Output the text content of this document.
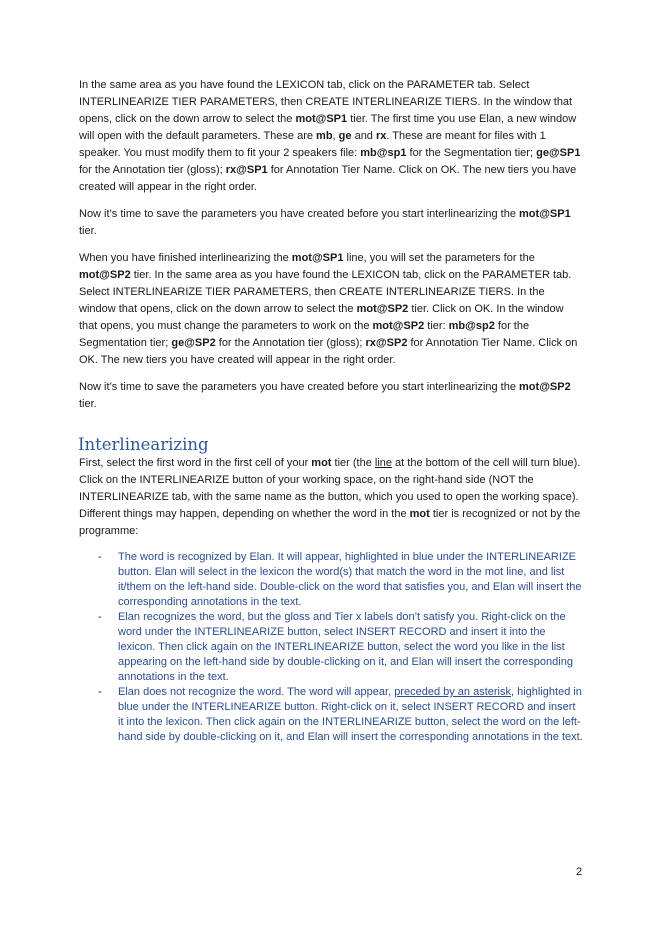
In the same area as you have found the LEXICON tab, click on the PARAMETER tab. Select INTERLINEARIZE TIER PARAMETERS, then CREATE INTERLINEARIZE TIERS. In the window that opens, click on the down arrow to select the mot@SP1 tier. The first time you use Elan, a new window will open with the default parameters. These are mb, ge and rx. These are meant for files with 1 speaker. You must modify them to fit your 2 speakers file: mb@sp1 for the Segmentation tier; ge@SP1 for the Annotation tier (gloss); rx@SP1 for Annotation Tier Name. Click on OK. The new tiers you have created will appear in the right order.

Now it’s time to save the parameters you have created before you start interlinearizing the mot@SP1 tier.

When you have finished interlinearizing the mot@SP1 line, you will set the parameters for the mot@SP2 tier. In the same area as you have found the LEXICON tab, click on the PARAMETER tab. Select INTERLINEARIZE TIER PARAMETERS, then CREATE INTERLINEARIZE TIERS. In the window that opens, click on the down arrow to select the mot@SP2 tier. Click on OK. In the window that opens, you must change the parameters to work on the mot@SP2 tier: mb@sp2 for the Segmentation tier; ge@SP2 for the Annotation tier (gloss); rx@SP2 for Annotation Tier Name. Click on OK. The new tiers you have created will appear in the right order.

Now it’s time to save the parameters you have created before you start interlinearizing the mot@SP2 tier.

Interlinearizing

First, select the first word in the first cell of your mot tier (the line at the bottom of the cell will turn blue). Click on the INTERLINEARIZE button of your working space, on the right-hand side (NOT the INTERLINEARIZE tab, with the same name as the button, which you used to open the working space). Different things may happen, depending on whether the word in the mot tier is recognized or not by the programme:

- The word is recognized by Elan. It will appear, highlighted in blue under the INTERLINEARIZE button. Elan will select in the lexicon the word(s) that match the word in the mot line, and list it/them on the left-hand side. Double-click on the word that satisfies you, and Elan will insert the corresponding annotations in the text.
- Elan recognizes the word, but the gloss and Tier x labels don’t satisfy you. Right-click on the word under the INTERLINEARIZE button, select INSERT RECORD and insert it into the lexicon. Then click again on the INTERLINEARIZE button, select the word you like in the list appearing on the left-hand side by double-clicking on it, and Elan will insert the corresponding annotations in the text.
- Elan does not recognize the word. The word will appear, preceded by an asterisk, highlighted in blue under the INTERLINEARIZE button. Right-click on it, select INSERT RECORD and insert it into the lexicon. Then click again on the INTERLINEARIZE button, select the word on the left-hand side by double-clicking on it, and Elan will insert the corresponding annotations in the text.
2
